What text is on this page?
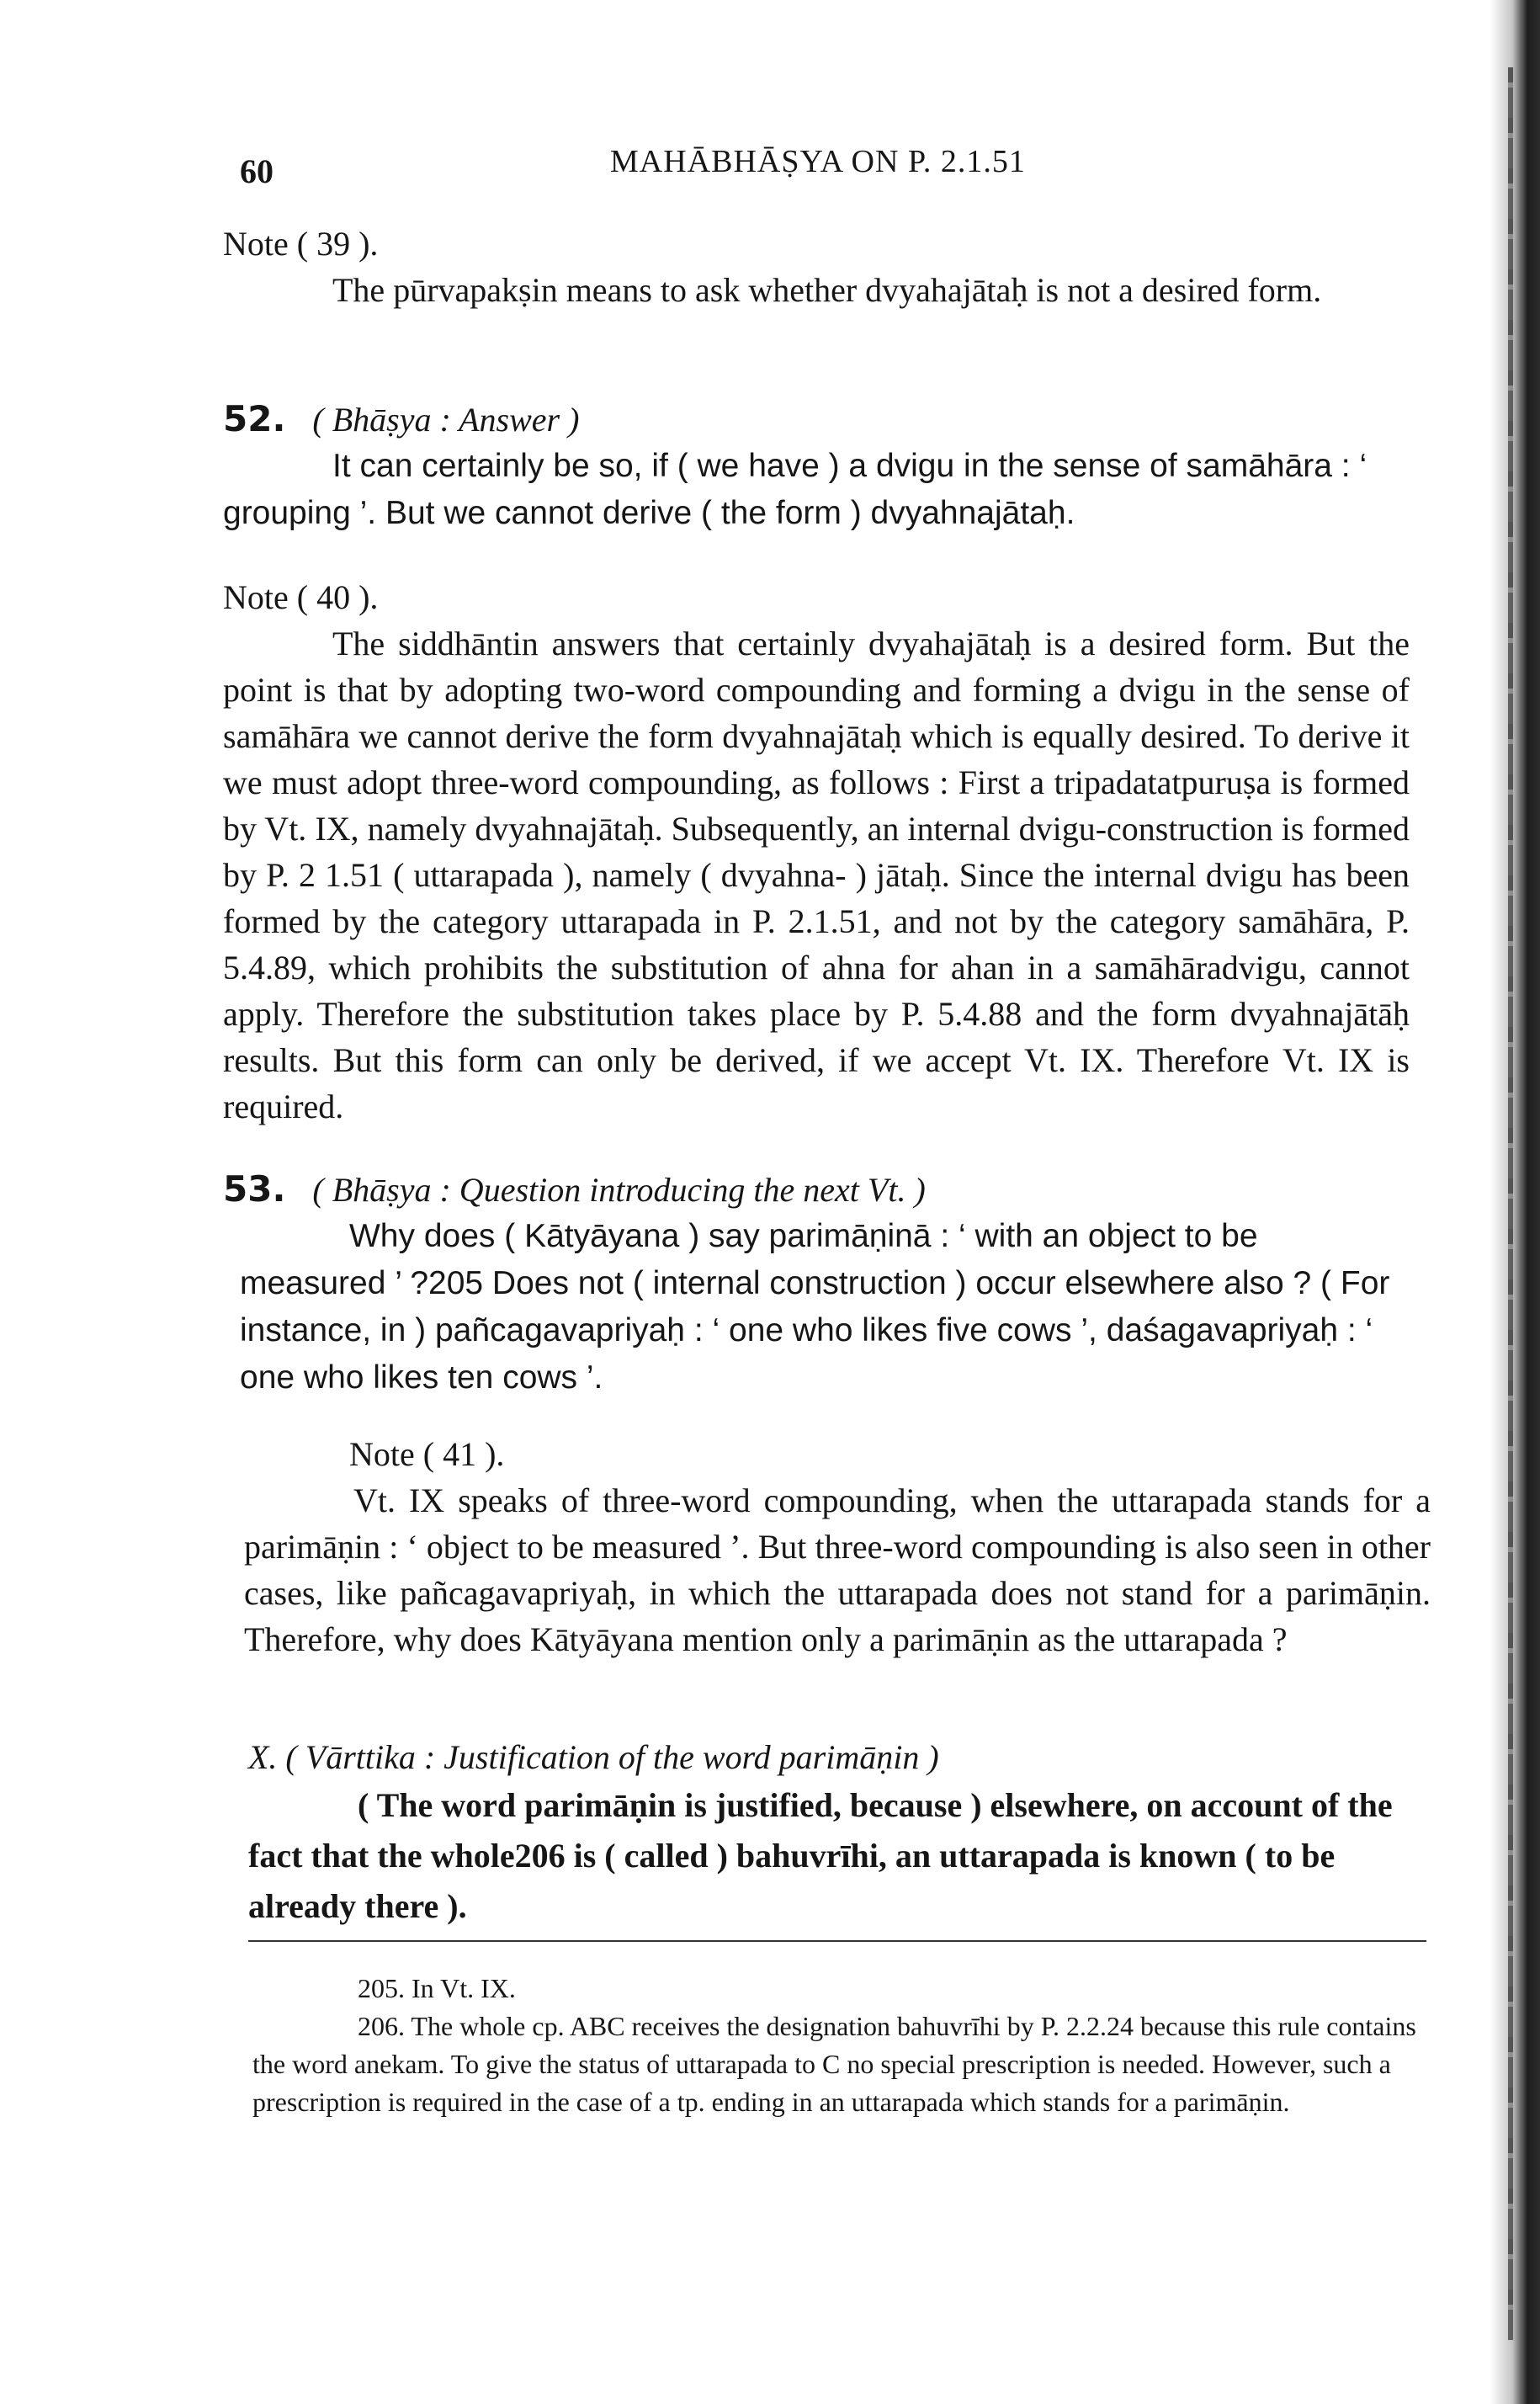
60	MAHĀBHĀṢYA ON P. 2.1.51

Note ( 39 ).

The pūrvapakṣin means to ask whether dvyahajātaḥ is not a desired form.

52. ( Bhāṣya : Answer )

It can certainly be so, if ( we have ) a dvigu in the sense of samāhāra : ‘ grouping ’. But we cannot derive ( the form ) dvyahnajātaḥ.

Note ( 40 ).

The siddhāntin answers that certainly dvyahajātaḥ is a desired form. But the point is that by adopting two-word compounding and forming a dvigu in the sense of samāhāra we cannot derive the form dvyahnajātaḥ which is equally desired. To derive it we must adopt three-word compounding, as follows : First a tripadatatpuruṣa is formed by Vt. IX, namely dvyahnajātaḥ. Subsequently, an internal dvigu-construction is formed by P. 2 1.51 ( uttarapada ), namely ( dvyahna- ) jātaḥ. Since the internal dvigu has been formed by the category uttarapada in P. 2.1.51, and not by the category samāhāra, P. 5.4.89, which prohibits the substitution of ahna for ahan in a samāhāradvigu, cannot apply. Therefore the substitution takes place by P. 5.4.88 and the form dvyahnajātāḥ results. But this form can only be derived, if we accept Vt. IX. Therefore Vt. IX is required.

53. ( Bhāṣya : Question introducing the next Vt. )

Why does ( Kātyāyana ) say parimāṇinā : ‘ with an object to be measured ’ ?205 Does not ( internal construction ) occur elsewhere also ? ( For instance, in ) pañcagavapriyaḥ : ‘ one who likes five cows ’, daśagavapriyaḥ : ‘ one who likes ten cows ’.

Note ( 41 ).

Vt. IX speaks of three-word compounding, when the uttarapada stands for a parimāṇin : ‘ object to be measured ’. But three-word compounding is also seen in other cases, like pañcagavapriyaḥ, in which the uttarapada does not stand for a parimāṇin. Therefore, why does Kātyāyana mention only a parimāṇin as the uttarapada ?

X. ( Vārttika : Justification of the word parimāṇin )

( The word parimāṇin is justified, because ) elsewhere, on account of the fact that the whole206 is ( called ) bahuvrīhi, an uttarapada is known ( to be already there ).

205. In Vt. IX.

206. The whole cp. ABC receives the designation bahuvrīhi by P. 2.2.24 because this rule contains the word anekam. To give the status of uttarapada to C no special prescription is needed. However, such a prescription is required in the case of a tp. ending in an uttarapada which stands for a parimāṇin.
